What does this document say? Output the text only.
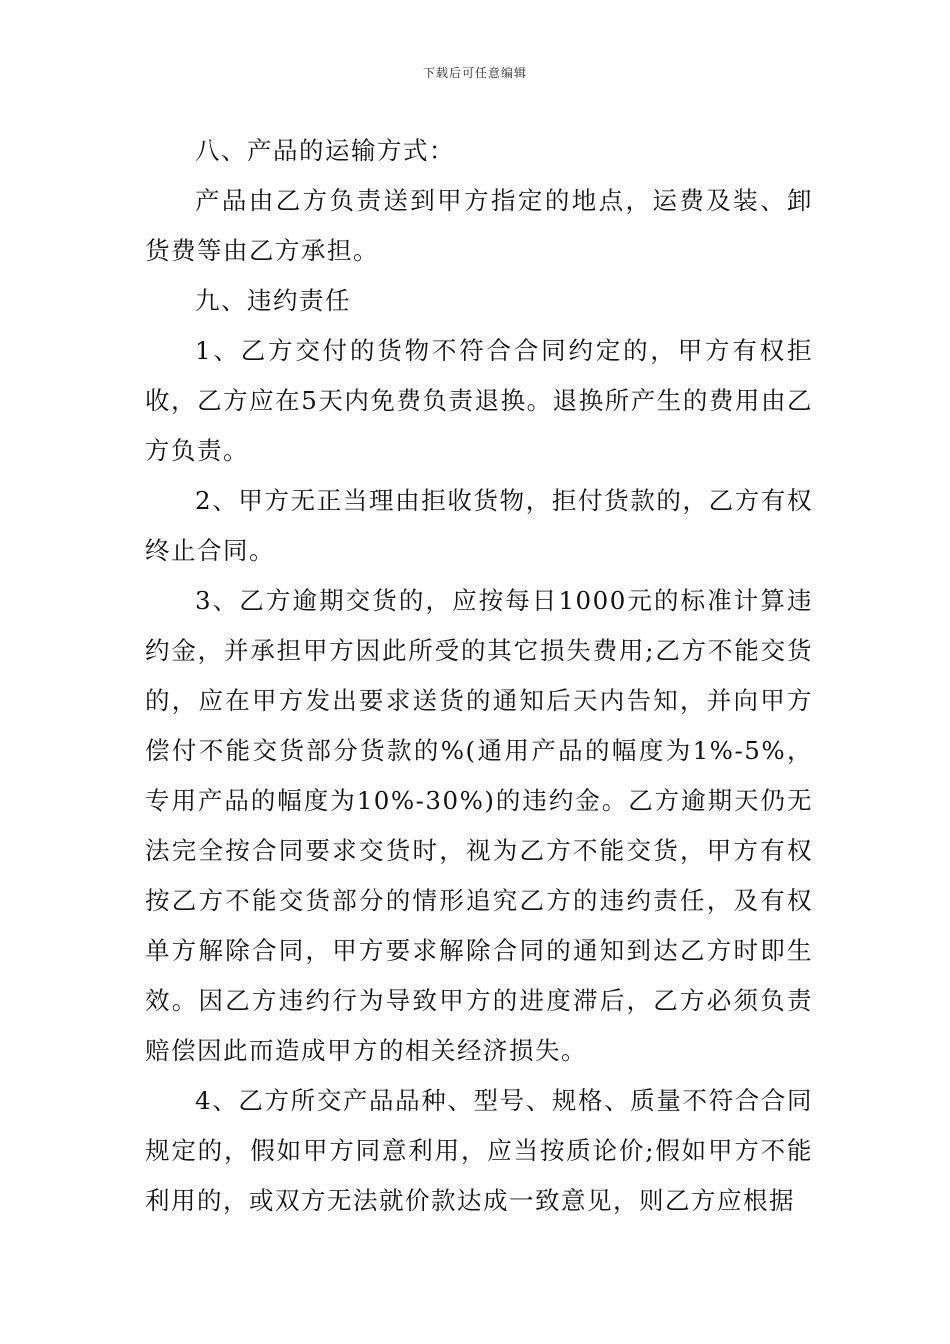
下载后可任意编辑

八、产品的运输方式：

产品由乙方负责送到甲方指定的地点，运费及装、卸货费等由乙方承担。

九、违约责任

1、乙方交付的货物不符合合同约定的，甲方有权拒收，乙方应在5天内免费负责退换。退换所产生的费用由乙方负责。

2、甲方无正当理由拒收货物，拒付货款的，乙方有权终止合同。

3、乙方逾期交货的，应按每日1000元的标准计算违约金，并承担甲方因此所受的其它损失费用;乙方不能交货的，应在甲方发出要求送货的通知后天内告知，并向甲方偿付不能交货部分货款的%(通用产品的幅度为1%-5%，专用产品的幅度为10%-30%)的违约金。乙方逾期天仍无法完全按合同要求交货时，视为乙方不能交货，甲方有权按乙方不能交货部分的情形追究乙方的违约责任，及有权单方解除合同，甲方要求解除合同的通知到达乙方时即生效。因乙方违约行为导致甲方的进度滞后，乙方必须负责赔偿因此而造成甲方的相关经济损失。

4、乙方所交产品品种、型号、规格、质量不符合合同规定的，假如甲方同意利用，应当按质论价;假如甲方不能利用的，或双方无法就价款达成一致意见，则乙方应根据
